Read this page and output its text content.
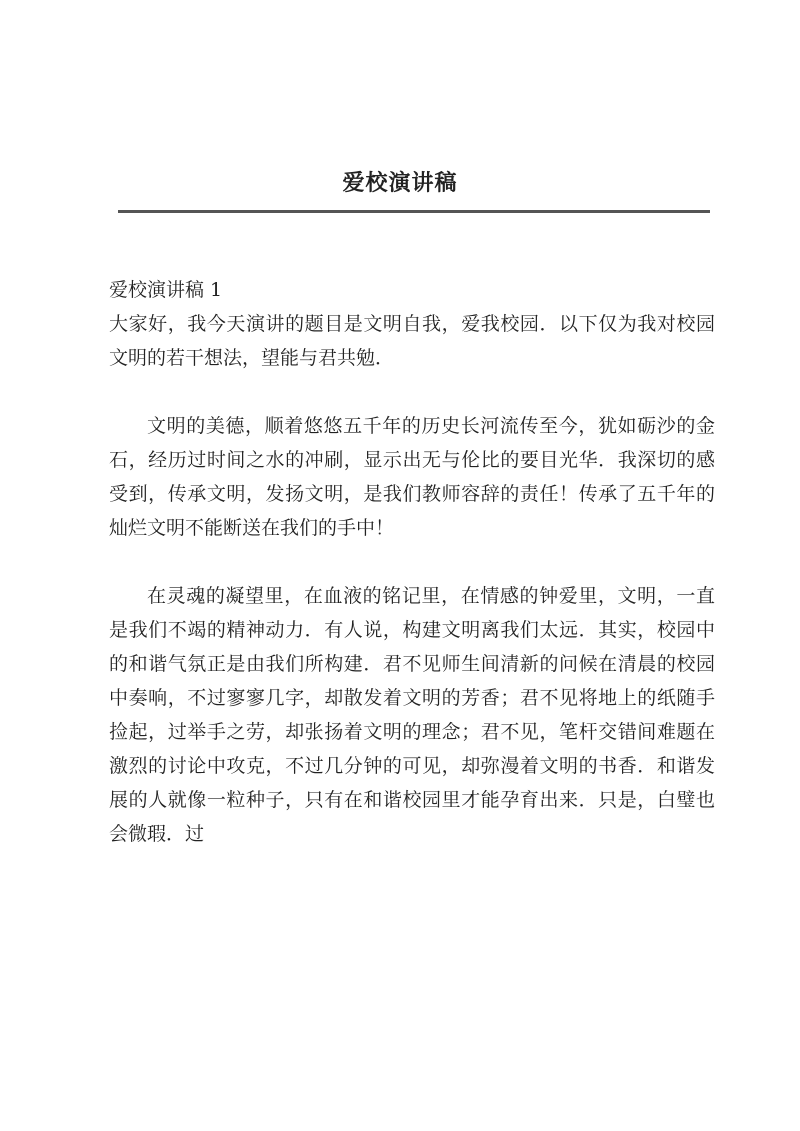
爱校演讲稿

爱校演讲稿 1

大家好，我今天演讲的题目是文明自我，爱我校园．以下仅为我对校园文明的若干想法，望能与君共勉．

文明的美德，顺着悠悠五千年的历史长河流传至今，犹如砺沙的金石，经历过时间之水的冲刷，显示出无与伦比的要目光华．我深切的感受到，传承文明，发扬文明，是我们教师容辞的责任！传承了五千年的灿烂文明不能断送在我们的手中！

在灵魂的凝望里，在血液的铭记里，在情感的钟爱里，文明，一直是我们不竭的精神动力．有人说，构建文明离我们太远．其实，校园中的和谐气氛正是由我们所构建．君不见师生间清新的问候在清晨的校园中奏响，不过寥寥几字，却散发着文明的芳香；君不见将地上的纸随手捡起，过举手之劳，却张扬着文明的理念；君不见，笔杆交错间难题在激烈的讨论中攻克，不过几分钟的可见，却弥漫着文明的书香．和谐发展的人就像一粒种子，只有在和谐校园里才能孕育出来．只是，白璧也会微瑕．过
